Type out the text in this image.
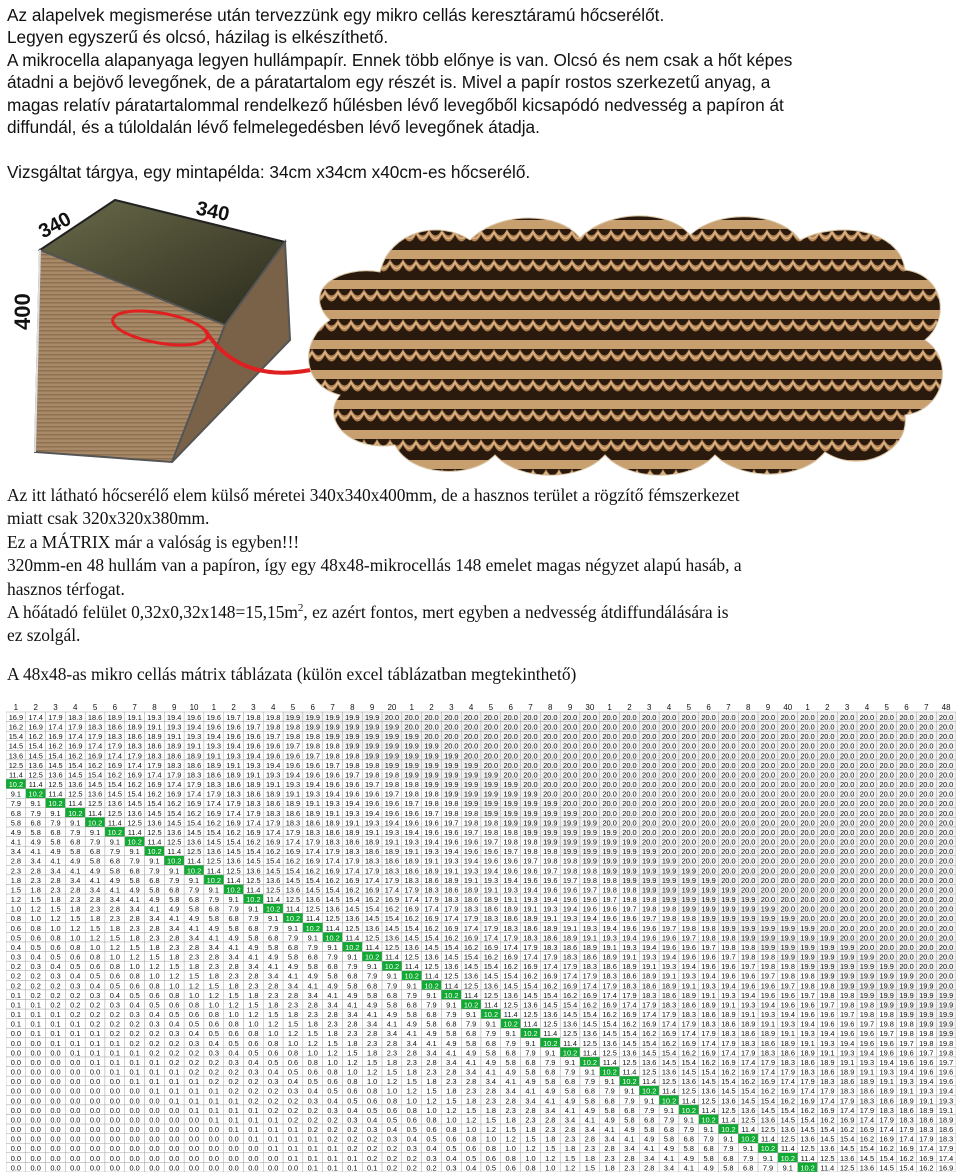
Az alapelvek megismerése után tervezzünk egy mikro cellás keresztáramú hőcserélőt.
Legyen egyszerű és olcsó, házilag is elkészíthető.
A mikrocella alapanyaga legyen hullámpapír. Ennek több előnye is van. Olcsó és nem csak a hőt képes
átadni a bejövő levegőnek, de a páratartalom egy részét is. Mivel a papír rostos szerkezetű anyag, a
magas relatív páratartalommal rendelkező hűlésben lévő levegőből kicsapódó nedvesség a papíron át
diffundál, és a túloldalán lévő felmelegedésben lévő levegőnek átadja.
Vizsgáltat tárgya, egy mintapélda: 34cm x34cm x40cm-es hőcserélő.
340	340
400
Az itt látható hőcserélő elem külső méretei 340x340x400mm, de a hasznos terület a rögzítő fémszerkezet
miatt csak 320x320x380mm.
Ez a MÁTRIX már a valóság is egyben!!!
320mm-en 48 hullám van a papíron, így egy 48x48-mikrocellás 148 emelet magas négyzet alapú hasáb, a
hasznos térfogat.
A hőátadó felület $0,32x0,32x148=15,15m^2$, ez azért fontos, mert egyben a nedvesség átdiffundálására is
ez szolgál.
A 48x48-as mikro cellás mátrix táblázata (külön excel táblázatban megtekinthető)
1 2 3 4 5 6 7 8 9 10 1 2 3 4 5 6 7 8 9 20 1 2 3 4 5 6 7 8 9 30 1 2 3 4 5 6 7 8 9 40 1 2 3 4 5 6 7 48
16.9 17.4 17.9 18.3 18.6 18.9 19.1 19.3 19.4 19.6 19.6 19.7 19.8 19.8 19.9 19.9 19.9 19.9 19.9 20.0 20.0 20.0 20.0 20.0 20.0 20.0 20.0 20.0 20.0 20.0 20.0 20.0 20.0 20.0 20.0 20.0 20.0 20.0 20.0 20.0 20.0 20.0 20.0 20.0 20.0 20.0 20.0 20.0
16.2 16.9 17.4 17.9 18.3 18.6 18.9 19.1 19.3 19.4 19.6 19.6 19.7 19.8 19.8 19.9 19.9 19.9 19.9 19.9 20.0 20.0 20.0 20.0 20.0 20.0 20.0 20.0 20.0 20.0 20.0 20.0 20.0 20.0 20.0 20.0 20.0 20.0 20.0 20.0 20.0 20.0 20.0 20.0 20.0 20.0 20.0 20.0
15.4 16.2 16.9 17.4 17.9 18.3 18.6 18.9 19.1 19.3 19.4 19.6 19.6 19.7 19.8 19.8 19.9 19.9 19.9 19.9 19.9 20.0 20.0 20.0 20.0 20.0 20.0 20.0 20.0 20.0 20.0 20.0 20.0 20.0 20.0 20.0 20.0 20.0 20.0 20.0 20.0 20.0 20.0 20.0 20.0 20.0 20.0 20.0
14.5 15.4 16.2 16.9 17.4 17.9 18.3 18.6 18.9 19.1 19.3 19.4 19.6 19.6 19.7 19.8 19.8 19.9 19.9 19.9 19.9 19.9 20.0 20.0 20.0 20.0 20.0 20.0 20.0 20.0 20.0 20.0 20.0 20.0 20.0 20.0 20.0 20.0 20.0 20.0 20.0 20.0 20.0 20.0 20.0 20.0 20.0 20.0
13.6 14.5 15.4 16.2 16.9 17.4 17.9 18.3 18.6 18.9 19.1 19.3 19.4 19.6 19.6 19.7 19.8 19.8 19.9 19.9 19.9 19.9 19.9 20.0 20.0 20.0 20.0 20.0 20.0 20.0 20.0 20.0 20.0 20.0 20.0 20.0 20.0 20.0 20.0 20.0 20.0 20.0 20.0 20.0 20.0 20.0 20.0 20.0
12.5 13.6 14.5 15.4 16.2 16.9 17.4 17.9 18.3 18.6 18.9 19.1 19.3 19.4 19.6 19.6 19.7 19.8 19.8 19.9 19.9 19.9 19.9 19.9 20.0 20.0 20.0 20.0 20.0 20.0 20.0 20.0 20.0 20.0 20.0 20.0 20.0 20.0 20.0 20.0 20.0 20.0 20.0 20.0 20.0 20.0 20.0 20.0
11.4 12.5 13.6 14.5 15.4 16.2 16.9 17.4 17.9 18.3 18.6 18.9 19.1 19.3 19.4 19.6 19.6 19.7 19.8 19.8 19.9 19.9 19.9 19.9 19.9 20.0 20.0 20.0 20.0 20.0 20.0 20.0 20.0 20.0 20.0 20.0 20.0 20.0 20.0 20.0 20.0 20.0 20.0 20.0 20.0 20.0 20.0 20.0
10.2 11.4 12.5 13.6 14.5 15.4 16.2 16.9 17.4 17.9 18.3 18.6 18.9 19.1 19.3 19.4 19.6 19.6 19.7 19.8 19.8 19.9 19.9 19.9 19.9 19.9 20.0 20.0 20.0 20.0 20.0 20.0 20.0 20.0 20.0 20.0 20.0 20.0 20.0 20.0 20.0 20.0 20.0 20.0 20.0 20.0 20.0 20.0
9.1 10.2 11.4 12.5 13.6 14.5 15.4 16.2 16.9 17.4 17.9 18.3 18.6 18.9 19.1 19.3 19.4 19.6 19.6 19.7 19.8 19.8 19.9 19.9 19.9 19.9 19.9 20.0 20.0 20.0 20.0 20.0 20.0 20.0 20.0 20.0 20.0 20.0 20.0 20.0 20.0 20.0 20.0 20.0 20.0 20.0 20.0 20.0
7.9 9.1 10.2 11.4 12.5 13.6 14.5 15.4 16.2 16.9 17.4 17.9 18.3 18.6 18.9 19.1 19.3 19.4 19.6 19.6 19.7 19.8 19.8 19.9 19.9 19.9 19.9 19.9 20.0 20.0 20.0 20.0 20.0 20.0 20.0 20.0 20.0 20.0 20.0 20.0 20.0 20.0 20.0 20.0 20.0 20.0 20.0 20.0
6.8 7.9 9.1 10.2 11.4 12.5 13.6 14.5 15.4 16.2 16.9 17.4 17.9 18.3 18.6 18.9 19.1 19.3 19.4 19.6 19.6 19.7 19.8 19.8 19.9 19.9 19.9 19.9 19.9 20.0 20.0 20.0 20.0 20.0 20.0 20.0 20.0 20.0 20.0 20.0 20.0 20.0 20.0 20.0 20.0 20.0 20.0 20.0
5.8 6.8 7.9 9.1 10.2 11.4 12.5 13.6 14.5 15.4 16.2 16.9 17.4 17.9 18.3 18.6 18.9 19.1 19.3 19.4 19.6 19.6 19.7 19.8 19.8 19.9 19.9 19.9 19.9 19.9 20.0 20.0 20.0 20.0 20.0 20.0 20.0 20.0 20.0 20.0 20.0 20.0 20.0 20.0 20.0 20.0 20.0 20.0
4.9 5.8 6.8 7.9 9.1 10.2 11.4 12.5 13.6 14.5 15.4 16.2 16.9 17.4 17.9 18.3 18.6 18.9 19.1 19.3 19.4 19.6 19.6 19.7 19.8 19.8 19.9 19.9 19.9 19.9 19.9 20.0 20.0 20.0 20.0 20.0 20.0 20.0 20.0 20.0 20.0 20.0 20.0 20.0 20.0 20.0 20.0 20.0
4.1 4.9 5.8 6.8 7.9 9.1 10.2 11.4 12.5 13.6 14.5 15.4 16.2 16.9 17.4 17.9 18.3 18.6 18.9 19.1 19.3 19.4 19.6 19.6 19.7 19.8 19.8 19.9 19.9 19.9 19.9 19.9 20.0 20.0 20.0 20.0 20.0 20.0 20.0 20.0 20.0 20.0 20.0 20.0 20.0 20.0 20.0 20.0
3.4 4.1 4.9 5.8 6.8 7.9 9.1 10.2 11.4 12.5 13.6 14.5 15.4 16.2 16.9 17.4 17.9 18.3 18.6 18.9 19.1 19.3 19.4 19.6 19.6 19.7 19.8 19.8 19.9 19.9 19.9 19.9 19.9 20.0 20.0 20.0 20.0 20.0 20.0 20.0 20.0 20.0 20.0 20.0 20.0 20.0 20.0 20.0
2.8 3.4 4.1 4.9 5.8 6.8 7.9 9.1 10.2 11.4 12.5 13.6 14.5 15.4 16.2 16.9 17.4 17.9 18.3 18.6 18.9 19.1 19.3 19.4 19.6 19.6 19.7 19.8 19.8 19.9 19.9 19.9 19.9 19.9 20.0 20.0 20.0 20.0 20.0 20.0 20.0 20.0 20.0 20.0 20.0 20.0 20.0 20.0
2.3 2.8 3.4 4.1 4.9 5.8 6.8 7.9 9.1 10.2 11.4 12.5 13.6 14.5 15.4 16.2 16.9 17.4 17.9 18.3 18.6 18.9 19.1 19.3 19.4 19.6 19.6 19.7 19.8 19.8 19.9 19.9 19.9 19.9 19.9 20.0 20.0 20.0 20.0 20.0 20.0 20.0 20.0 20.0 20.0 20.0 20.0 20.0
1.8 2.3 2.8 3.4 4.1 4.9 5.8 6.8 7.9 9.1 10.2 11.4 12.5 13.6 14.5 15.4 16.2 16.9 17.4 17.9 18.3 18.6 18.9 19.1 19.3 19.4 19.6 19.6 19.7 19.8 19.8 19.9 19.9 19.9 19.9 19.9 20.0 20.0 20.0 20.0 20.0 20.0 20.0 20.0 20.0 20.0 20.0 20.0
1.5 1.8 2.3 2.8 3.4 4.1 4.9 5.8 6.8 7.9 9.1 10.2 11.4 12.5 13.6 14.5 15.4 16.2 16.9 17.4 17.9 18.3 18.6 18.9 19.1 19.3 19.4 19.6 19.6 19.7 19.8 19.8 19.9 19.9 19.9 19.9 19.9 20.0 20.0 20.0 20.0 20.0 20.0 20.0 20.0 20.0 20.0 20.0
1.2 1.5 1.8 2.3 2.8 3.4 4.1 4.9 5.8 6.8 7.9 9.1 10.2 11.4 12.5 13.6 14.5 15.4 16.2 16.9 17.4 17.9 18.3 18.6 18.9 19.1 19.3 19.4 19.6 19.6 19.7 19.8 19.8 19.9 19.9 19.9 19.9 19.9 20.0 20.0 20.0 20.0 20.0 20.0 20.0 20.0 20.0 20.0
1.0 1.2 1.5 1.8 2.3 2.8 3.4 4.1 4.9 5.8 6.8 7.9 9.1 10.2 11.4 12.5 13.6 14.5 15.4 16.2 16.9 17.4 17.9 18.3 18.6 18.9 19.1 19.3 19.4 19.6 19.6 19.7 19.8 19.8 19.9 19.9 19.9 19.9 19.9 20.0 20.0 20.0 20.0 20.0 20.0 20.0 20.0 20.0
0.8 1.0 1.2 1.5 1.8 2.3 2.8 3.4 4.1 4.9 5.8 6.8 7.9 9.1 10.2 11.4 12.5 13.6 14.5 15.4 16.2 16.9 17.4 17.9 18.3 18.6 18.9 19.1 19.3 19.4 19.6 19.6 19.7 19.8 19.8 19.9 19.9 19.9 19.9 19.9 20.0 20.0 20.0 20.0 20.0 20.0 20.0 20.0
0.6 0.8 1.0 1.2 1.5 1.8 2.3 2.8 3.4 4.1 4.9 5.8 6.8 7.9 9.1 10.2 11.4 12.5 13.6 14.5 15.4 16.2 16.9 17.4 17.9 18.3 18.6 18.9 19.1 19.3 19.4 19.6 19.6 19.7 19.8 19.8 19.9 19.9 19.9 19.9 19.9 20.0 20.0 20.0 20.0 20.0 20.0 20.0
0.5 0.6 0.8 1.0 1.2 1.5 1.8 2.3 2.8 3.4 4.1 4.9 5.8 6.8 7.9 9.1 10.2 11.4 12.5 13.6 14.5 15.4 16.2 16.9 17.4 17.9 18.3 18.6 18.9 19.1 19.3 19.4 19.6 19.6 19.7 19.8 19.8 19.9 19.9 19.9 19.9 19.9 20.0 20.0 20.0 20.0 20.0 20.0
0.4 0.5 0.6 0.8 1.0 1.2 1.5 1.8 2.3 2.8 3.4 4.1 4.9 5.8 6.8 7.9 9.1 10.2 11.4 12.5 13.6 14.5 15.4 16.2 16.9 17.4 17.9 18.3 18.6 18.9 19.1 19.3 19.4 19.6 19.6 19.7 19.8 19.8 19.9 19.9 19.9 19.9 19.9 20.0 20.0 20.0 20.0 20.0
0.3 0.4 0.5 0.6 0.8 1.0 1.2 1.5 1.8 2.3 2.8 3.4 4.1 4.9 5.8 6.8 7.9 9.1 10.2 11.4 12.5 13.6 14.5 15.4 16.2 16.9 17.4 17.9 18.3 18.6 18.9 19.1 19.3 19.4 19.6 19.6 19.7 19.8 19.8 19.9 19.9 19.9 19.9 19.9 20.0 20.0 20.0 20.0
0.2 0.3 0.4 0.5 0.6 0.8 1.0 1.2 1.5 1.8 2.3 2.8 3.4 4.1 4.9 5.8 6.8 7.9 9.1 10.2 11.4 12.5 13.6 14.5 15.4 16.2 16.9 17.4 17.9 18.3 18.6 18.9 19.1 19.3 19.4 19.6 19.6 19.7 19.8 19.8 19.9 19.9 19.9 19.9 19.9 20.0 20.0 20.0
0.2 0.2 0.3 0.4 0.5 0.6 0.8 1.0 1.2 1.5 1.8 2.3 2.8 3.4 4.1 4.9 5.8 6.8 7.9 9.1 10.2 11.4 12.5 13.6 14.5 15.4 16.2 16.9 17.4 17.9 18.3 18.6 18.9 19.1 19.3 19.4 19.6 19.6 19.7 19.8 19.8 19.9 19.9 19.9 19.9 19.9 20.0 20.0
0.2 0.2 0.2 0.3 0.4 0.5 0.6 0.8 1.0 1.2 1.5 1.8 2.3 2.8 3.4 4.1 4.9 5.8 6.8 7.9 9.1 10.2 11.4 12.5 13.6 14.5 15.4 16.2 16.9 17.4 17.9 18.3 18.6 18.9 19.1 19.3 19.4 19.6 19.6 19.7 19.8 19.8 19.9 19.9 19.9 19.9 19.9 20.0
0.1 0.2 0.2 0.2 0.3 0.4 0.5 0.6 0.8 1.0 1.2 1.5 1.8 2.3 2.8 3.4 4.1 4.9 5.8 6.8 7.9 9.1 10.2 11.4 12.5 13.6 14.5 15.4 16.2 16.9 17.4 17.9 18.3 18.6 18.9 19.1 19.3 19.4 19.6 19.6 19.7 19.8 19.8 19.9 19.9 19.9 19.9 19.9
0.1 0.1 0.2 0.2 0.2 0.3 0.4 0.5 0.6 0.8 1.0 1.2 1.5 1.8 2.3 2.8 3.4 4.1 4.9 5.8 6.8 7.9 9.1 10.2 11.4 12.5 13.6 14.5 15.4 16.2 16.9 17.4 17.9 18.3 18.6 18.9 19.1 19.3 19.4 19.6 19.6 19.7 19.8 19.8 19.9 19.9 19.9 19.9
0.1 0.1 0.1 0.2 0.2 0.2 0.3 0.4 0.5 0.6 0.8 1.0 1.2 1.5 1.8 2.3 2.8 3.4 4.1 4.9 5.8 6.8 7.9 9.1 10.2 11.4 12.5 13.6 14.5 15.4 16.2 16.9 17.4 17.9 18.3 18.6 18.9 19.1 19.3 19.4 19.6 19.6 19.7 19.8 19.8 19.9 19.9 19.9
0.1 0.1 0.1 0.1 0.2 0.2 0.2 0.3 0.4 0.5 0.6 0.8 1.0 1.2 1.5 1.8 2.3 2.8 3.4 4.1 4.9 5.8 6.8 7.9 9.1 10.2 11.4 12.5 13.6 14.5 15.4 16.2 16.9 17.4 17.9 18.3 18.6 18.9 19.1 19.3 19.4 19.6 19.6 19.7 19.8 19.8 19.9 19.9
0.0 0.1 0.1 0.1 0.1 0.2 0.2 0.2 0.3 0.4 0.5 0.6 0.8 1.0 1.2 1.5 1.8 2.3 2.8 3.4 4.1 4.9 5.8 6.8 7.9 9.1 10.2 11.4 12.5 13.6 14.5 15.4 16.2 16.9 17.4 17.9 18.3 18.6 18.9 19.1 19.3 19.4 19.6 19.6 19.7 19.8 19.8 19.9
0.0 0.0 0.1 0.1 0.1 0.1 0.2 0.2 0.2 0.3 0.4 0.5 0.6 0.8 1.0 1.2 1.5 1.8 2.3 2.8 3.4 4.1 4.9 5.8 6.8 7.9 9.1 10.2 11.4 12.5 13.6 14.5 15.4 16.2 16.9 17.4 17.9 18.3 18.6 18.9 19.1 19.3 19.4 19.6 19.6 19.7 19.8 19.8
0.0 0.0 0.0 0.1 0.1 0.1 0.1 0.2 0.2 0.2 0.3 0.4 0.5 0.6 0.8 1.0 1.2 1.5 1.8 2.3 2.8 3.4 4.1 4.9 5.8 6.8 7.9 9.1 10.2 11.4 12.5 13.6 14.5 15.4 16.2 16.9 17.4 17.9 18.3 18.6 18.9 19.1 19.3 19.4 19.6 19.6 19.7 19.8
0.0 0.0 0.0 0.0 0.1 0.1 0.1 0.1 0.2 0.2 0.2 0.3 0.4 0.5 0.6 0.8 1.0 1.2 1.5 1.8 2.3 2.8 3.4 4.1 4.9 5.8 6.8 7.9 9.1 10.2 11.4 12.5 13.6 14.5 15.4 16.2 16.9 17.4 17.9 18.3 18.6 18.9 19.1 19.3 19.4 19.6 19.6 19.7
0.0 0.0 0.0 0.0 0.0 0.1 0.1 0.1 0.1 0.2 0.2 0.2 0.3 0.4 0.5 0.6 0.8 1.0 1.2 1.5 1.8 2.3 2.8 3.4 4.1 4.9 5.8 6.8 7.9 9.1 10.2 11.4 12.5 13.6 14.5 15.4 16.2 16.9 17.4 17.9 18.3 18.6 18.9 19.1 19.3 19.4 19.6 19.6
0.0 0.0 0.0 0.0 0.0 0.0 0.1 0.1 0.1 0.1 0.2 0.2 0.2 0.3 0.4 0.5 0.6 0.8 1.0 1.2 1.5 1.8 2.3 2.8 3.4 4.1 4.9 5.8 6.8 7.9 9.1 10.2 11.4 12.5 13.6 14.5 15.4 16.2 16.9 17.4 17.9 18.3 18.6 18.9 19.1 19.3 19.4 19.6
0.0 0.0 0.0 0.0 0.0 0.0 0.0 0.1 0.1 0.1 0.1 0.2 0.2 0.2 0.3 0.4 0.5 0.6 0.8 1.0 1.2 1.5 1.8 2.3 2.8 3.4 4.1 4.9 5.8 6.8 7.9 9.1 10.2 11.4 12.5 13.6 14.5 15.4 16.2 16.9 17.4 17.9 18.3 18.6 18.9 19.1 19.3 19.4
0.0 0.0 0.0 0.0 0.0 0.0 0.0 0.0 0.1 0.1 0.1 0.1 0.2 0.2 0.2 0.3 0.4 0.5 0.6 0.8 1.0 1.2 1.5 1.8 2.3 2.8 3.4 4.1 4.9 5.8 6.8 7.9 9.1 10.2 11.4 12.5 13.6 14.5 15.4 16.2 16.9 17.4 17.9 18.3 18.6 18.9 19.1 19.3
0.0 0.0 0.0 0.0 0.0 0.0 0.0 0.0 0.0 0.1 0.1 0.1 0.1 0.2 0.2 0.2 0.3 0.4 0.5 0.6 0.8 1.0 1.2 1.5 1.8 2.3 2.8 3.4 4.1 4.9 5.8 6.8 7.9 9.1 10.2 11.4 12.5 13.6 14.5 15.4 16.2 16.9 17.4 17.9 18.3 18.6 18.9 19.1
0.0 0.0 0.0 0.0 0.0 0.0 0.0 0.0 0.0 0.0 0.1 0.1 0.1 0.1 0.2 0.2 0.2 0.3 0.4 0.5 0.6 0.8 1.0 1.2 1.5 1.8 2.3 2.8 3.4 4.1 4.9 5.8 6.8 7.9 9.1 10.2 11.4 12.5 13.6 14.5 15.4 16.2 16.9 17.4 17.9 18.3 18.6 18.9
0.0 0.0 0.0 0.0 0.0 0.0 0.0 0.0 0.0 0.0 0.0 0.1 0.1 0.1 0.1 0.2 0.2 0.2 0.3 0.4 0.5 0.6 0.8 1.0 1.2 1.5 1.8 2.3 2.8 3.4 4.1 4.9 5.8 6.8 7.9 9.1 10.2 11.4 12.5 13.6 14.5 15.4 16.2 16.9 17.4 17.9 18.3 18.6
0.0 0.0 0.0 0.0 0.0 0.0 0.0 0.0 0.0 0.0 0.0 0.0 0.1 0.1 0.1 0.1 0.2 0.2 0.2 0.3 0.4 0.5 0.6 0.8 1.0 1.2 1.5 1.8 2.3 2.8 3.4 4.1 4.9 5.8 6.8 7.9 9.1 10.2 11.4 12.5 13.6 14.5 15.4 16.2 16.9 17.4 17.9 18.3
0.0 0.0 0.0 0.0 0.0 0.0 0.0 0.0 0.0 0.0 0.0 0.0 0.0 0.1 0.1 0.1 0.1 0.2 0.2 0.2 0.3 0.4 0.5 0.6 0.8 1.0 1.2 1.5 1.8 2.3 2.8 3.4 4.1 4.9 5.8 6.8 7.9 9.1 10.2 11.4 12.5 13.6 14.5 15.4 16.2 16.9 17.4 17.9
0.0 0.0 0.0 0.0 0.0 0.0 0.0 0.0 0.0 0.0 0.0 0.0 0.0 0.0 0.1 0.1 0.1 0.1 0.2 0.2 0.2 0.3 0.4 0.5 0.6 0.8 1.0 1.2 1.5 1.8 2.3 2.8 3.4 4.1 4.9 5.8 6.8 7.9 9.1 10.2 11.4 12.5 13.6 14.5 15.4 16.2 16.9 17.4
0.0 0.0 0.0 0.0 0.0 0.0 0.0 0.0 0.0 0.0 0.0 0.0 0.0 0.0 0.0 0.1 0.1 0.1 0.1 0.2 0.2 0.2 0.3 0.4 0.5 0.6 0.8 1.0 1.2 1.5 1.8 2.3 2.8 3.4 4.1 4.9 5.8 6.8 7.9 9.1 10.2 11.4 12.5 13.6 14.5 15.4 16.2 16.9
